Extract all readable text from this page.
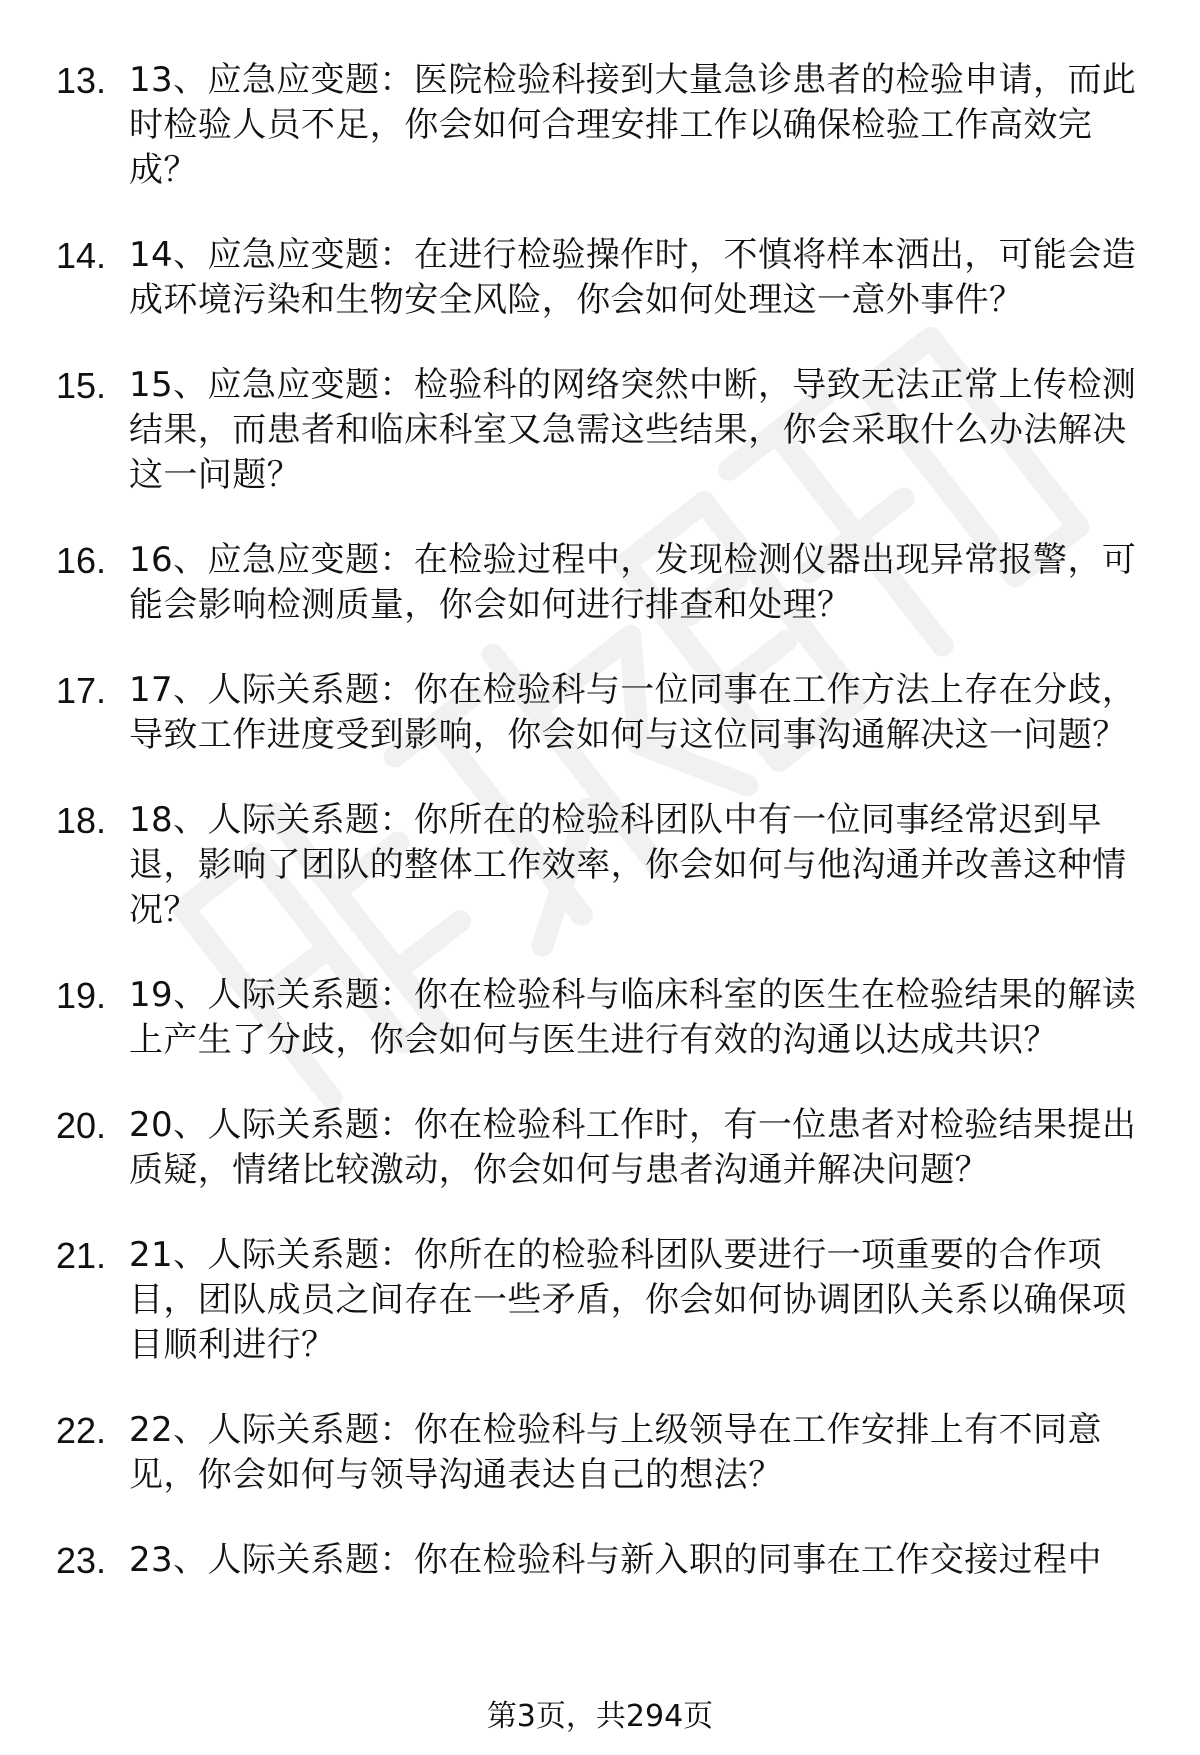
13. 13、应急应变题：医院检验科接到大量急诊患者的检验申请，而此时检验人员不足，你会如何合理安排工作以确保检验工作高效完成？
14. 14、应急应变题：在进行检验操作时，不慎将样本洒出，可能会造成环境污染和生物安全风险，你会如何处理这一意外事件？
15. 15、应急应变题：检验科的网络突然中断，导致无法正常上传检测结果，而患者和临床科室又急需这些结果，你会采取什么办法解决这一问题？
16. 16、应急应变题：在检验过程中，发现检测仪器出现异常报警，可能会影响检测质量，你会如何进行排查和处理？
17. 17、人际关系题：你在检验科与一位同事在工作方法上存在分歧，导致工作进度受到影响，你会如何与这位同事沟通解决这一问题？
18. 18、人际关系题：你所在的检验科团队中有一位同事经常迟到早退，影响了团队的整体工作效率，你会如何与他沟通并改善这种情况？
19. 19、人际关系题：你在检验科与临床科室的医生在检验结果的解读上产生了分歧，你会如何与医生进行有效的沟通以达成共识？
20. 20、人际关系题：你在检验科工作时，有一位患者对检验结果提出质疑，情绪比较激动，你会如何与患者沟通并解决问题？
21. 21、人际关系题：你所在的检验科团队要进行一项重要的合作项目，团队成员之间存在一些矛盾，你会如何协调团队关系以确保项目顺利进行？
22. 22、人际关系题：你在检验科与上级领导在工作安排上有不同意见，你会如何与领导沟通表达自己的想法？
23. 23、人际关系题：你在检验科与新入职的同事在工作交接过程中
第3页，共294页
